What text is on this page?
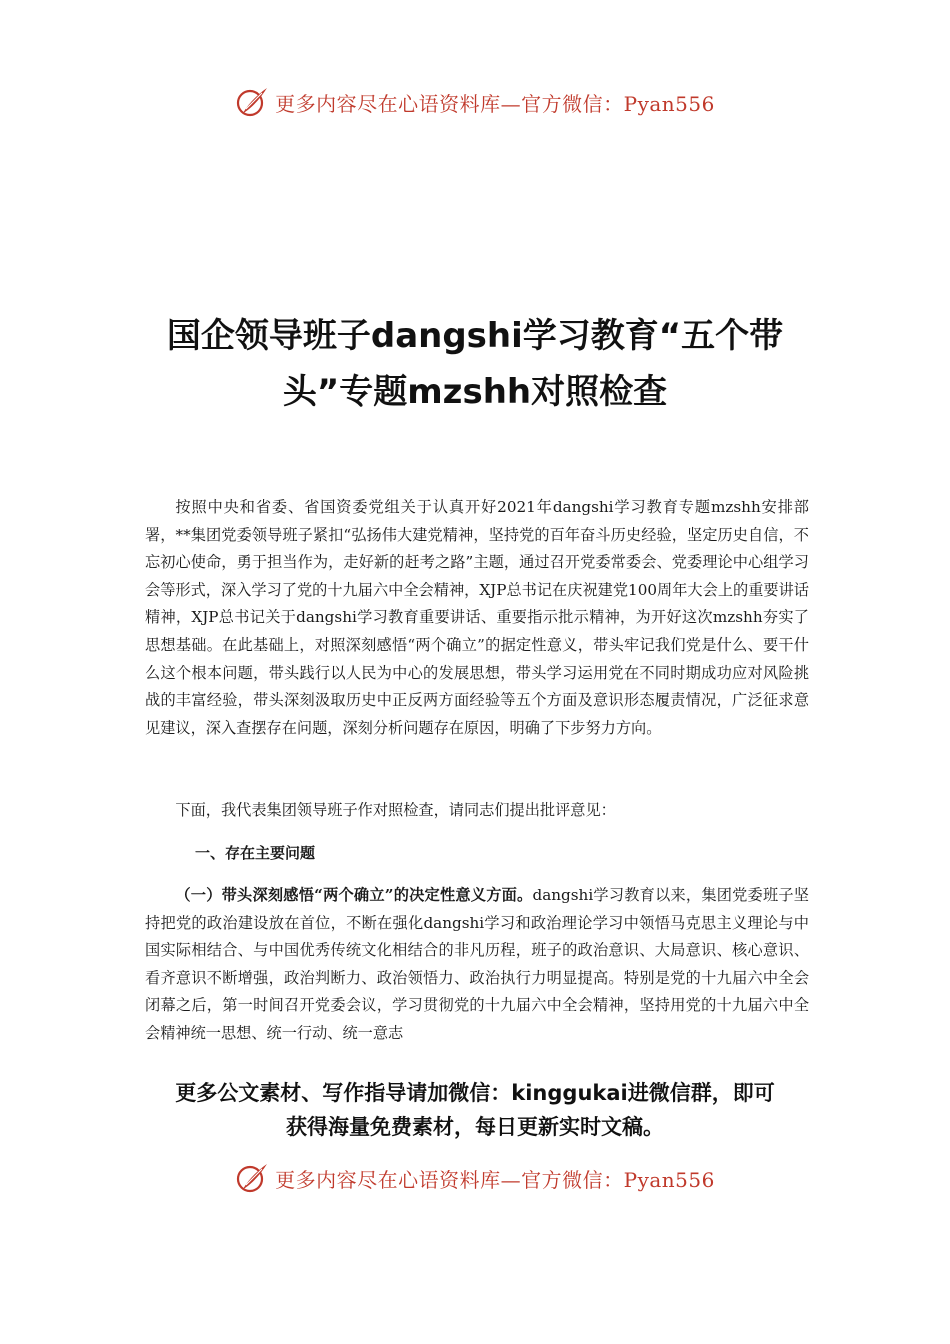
更多内容尽在心语资料库—官方微信：Pyan556
国企领导班子dangshi学习教育“五个带
头”专题mzshh对照检查

按照中央和省委、省国资委党组关于认真开好2021年dangshi学习教育专题mzshh安排部署，**集团党委领导班子紧扣“弘扬伟大建党精神，坚持党的百年奋斗历史经验，坚定历史自信，不忘初心使命，勇于担当作为，走好新的赶考之路”主题，通过召开党委常委会、党委理论中心组学习会等形式，深入学习了党的十九届六中全会精神，XJP总书记在庆祝建党100周年大会上的重要讲话精神，XJP总书记关于dangshi学习教育重要讲话、重要指示批示精神，为开好这次mzshh夯实了思想基础。在此基础上，对照深刻感悟“两个确立”的据定性意义，带头牢记我们党是什么、要干什么这个根本问题，带头践行以人民为中心的发展思想，带头学习运用党在不同时期成功应对风险挑战的丰富经验，带头深刻汲取历史中正反两方面经验等五个方面及意识形态履责情况，广泛征求意见建议，深入查摆存在问题，深刻分析问题存在原因，明确了下步努力方向。

下面，我代表集团领导班子作对照检查，请同志们提出批评意见：

一、存在主要问题

（一）带头深刻感悟“两个确立”的决定性意义方面。dangshi学习教育以来，集团党委班子坚持把党的政治建设放在首位，不断在强化dangshi学习和政治理论学习中领悟马克思主义理论与中国实际相结合、与中国优秀传统文化相结合的非凡历程，班子的政治意识、大局意识、核心意识、看齐意识不断增强，政治判断力、政治领悟力、政治执行力明显提高。特别是党的十九届六中全会闭幕之后，第一时间召开党委会议，学习贯彻党的十九届六中全会精神，坚持用党的十九届六中全会精神统一思想、统一行动、统一意志

更多公文素材、写作指导请加微信：kinggukai进微信群，即可
获得海量免费素材，每日更新实时文稿。

更多内容尽在心语资料库—官方微信：Pyan556
